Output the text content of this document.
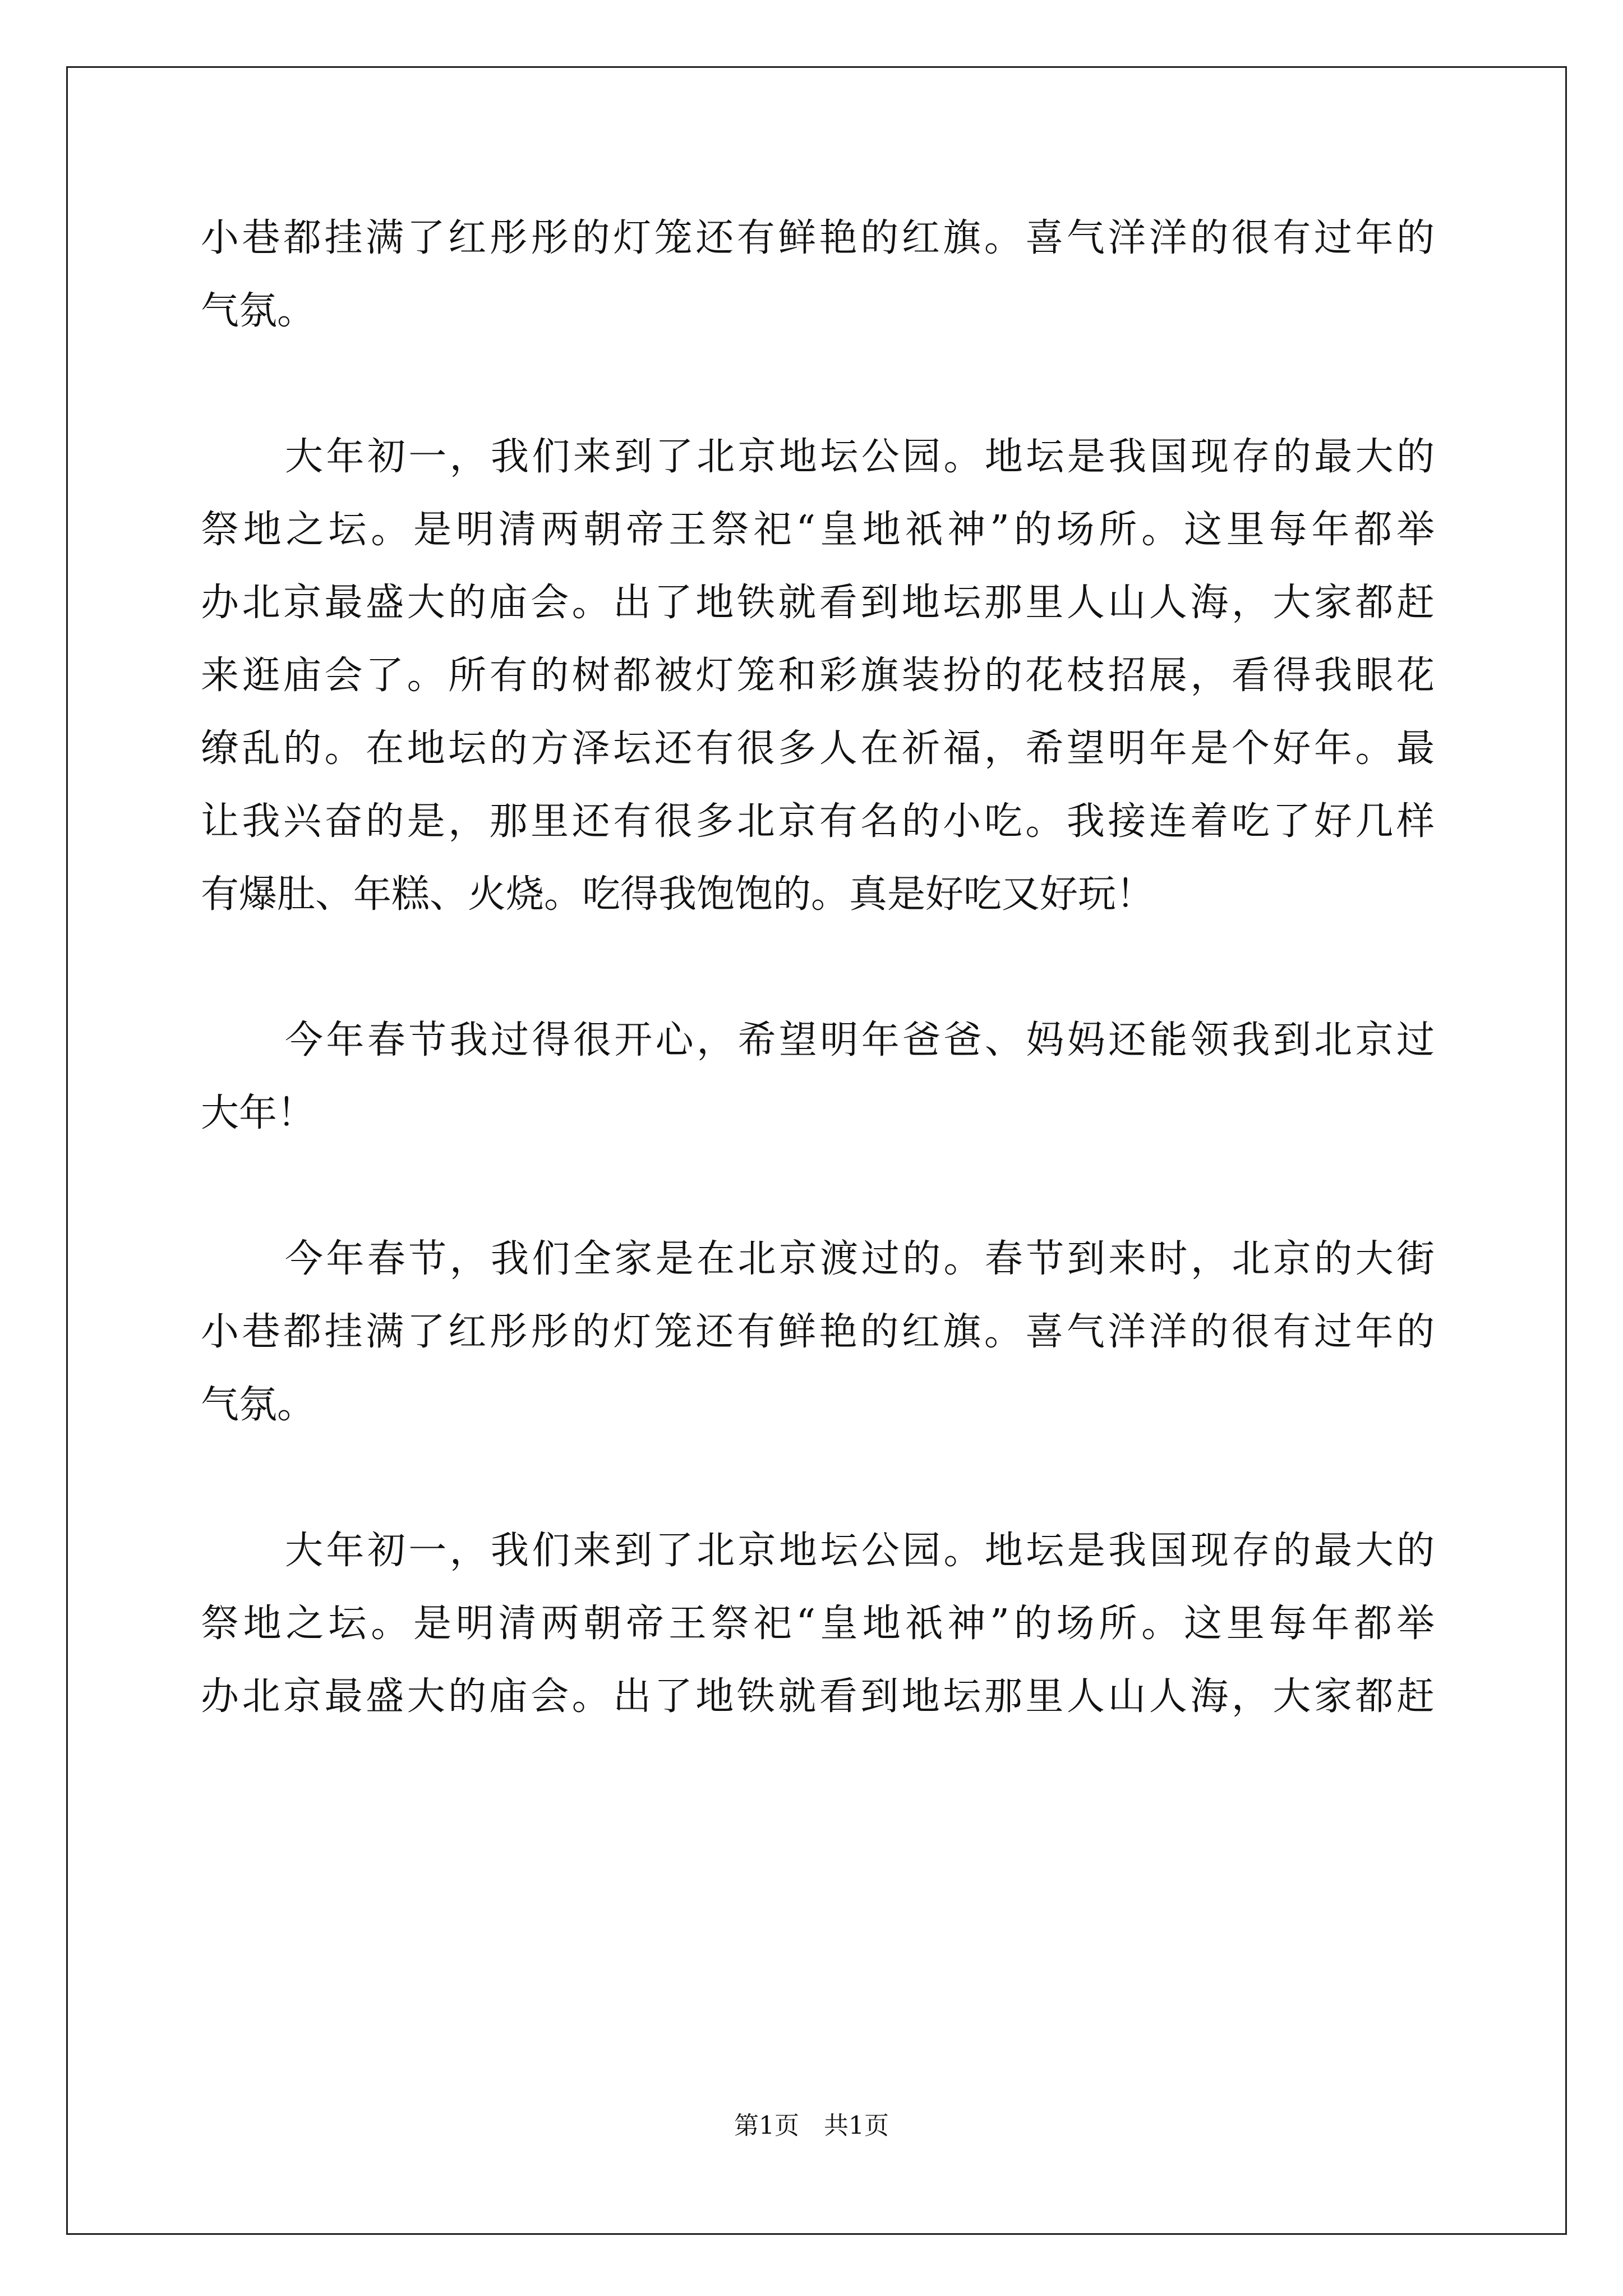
小巷都挂满了红彤彤的灯笼还有鲜艳的红旗。喜气洋洋的很有过年的
气氛。
大年初一，我们来到了北京地坛公园。地坛是我国现存的最大的
祭地之坛。是明清两朝帝王祭祀“皇地祇神”的场所。这里每年都举
办北京最盛大的庙会。出了地铁就看到地坛那里人山人海，大家都赶
来逛庙会了。所有的树都被灯笼和彩旗装扮的花枝招展，看得我眼花
缭乱的。在地坛的方泽坛还有很多人在祈福，希望明年是个好年。最
让我兴奋的是，那里还有很多北京有名的小吃。我接连着吃了好几样
有爆肚、年糕、火烧。吃得我饱饱的。真是好吃又好玩！
今年春节我过得很开心，希望明年爸爸、妈妈还能领我到北京过
大年！
今年春节，我们全家是在北京渡过的。春节到来时，北京的大街
小巷都挂满了红彤彤的灯笼还有鲜艳的红旗。喜气洋洋的很有过年的
气氛。
大年初一，我们来到了北京地坛公园。地坛是我国现存的最大的
祭地之坛。是明清两朝帝王祭祀“皇地祇神”的场所。这里每年都举
办北京最盛大的庙会。出了地铁就看到地坛那里人山人海，大家都赶
第1页　共1页
